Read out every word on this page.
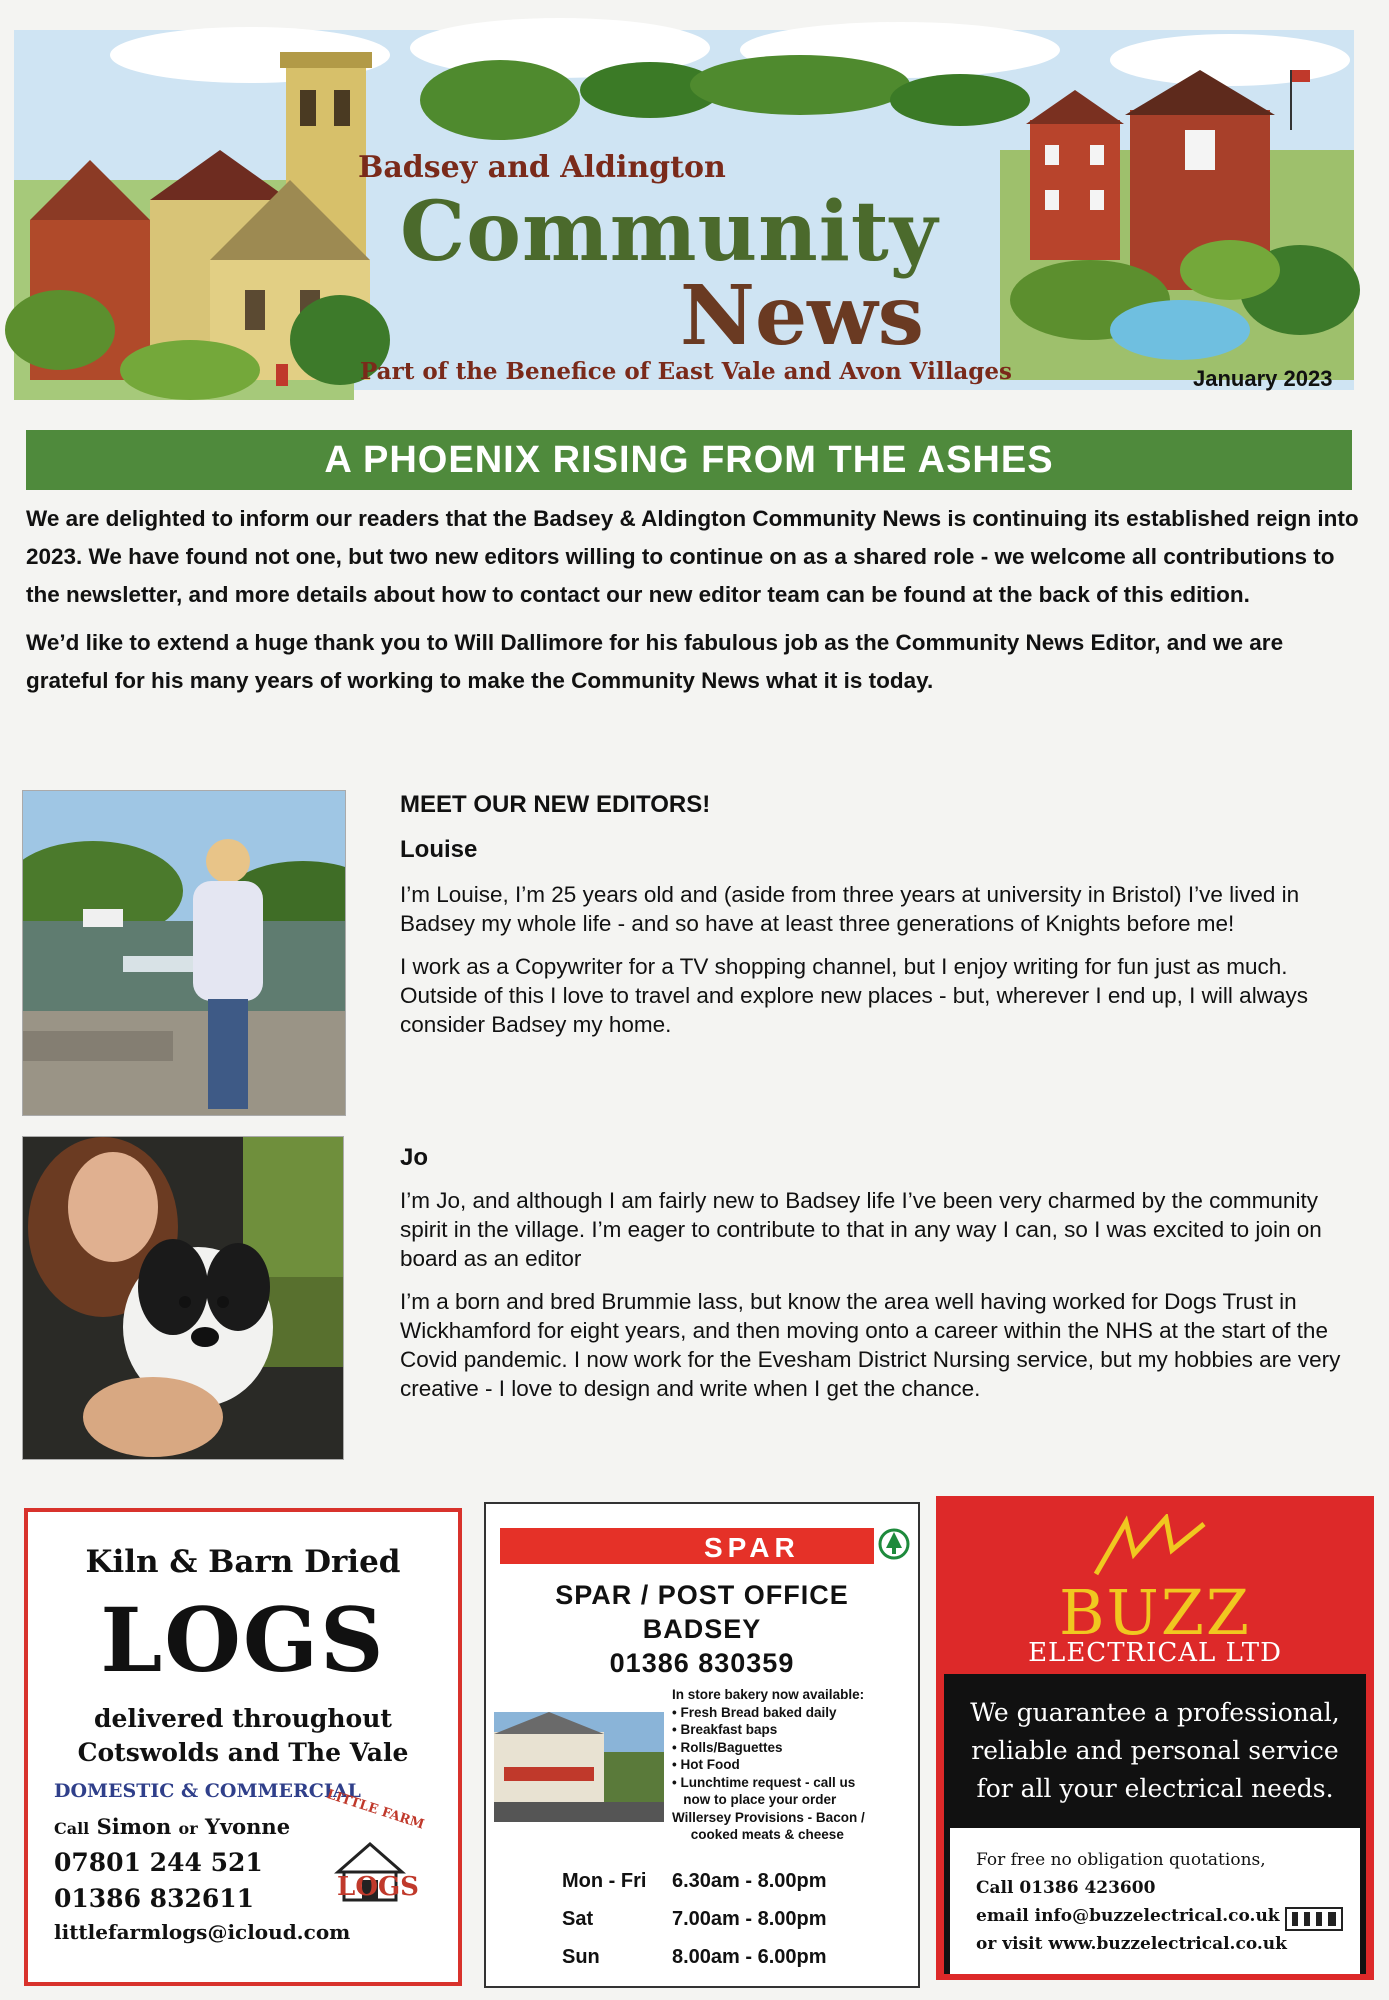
Badsey and Aldington
Community
News
Part of the Benefice of East Vale and Avon Villages	January 2023
A PHOENIX RISING FROM THE ASHES

We are delighted to inform our readers that the Badsey & Aldington Community News is continuing its established reign into 2023. We have found not one, but two new editors willing to continue on as a shared role - we welcome all contributions to the newsletter, and more details about how to contact our new editor team can be found at the back of this edition.

We’d like to extend a huge thank you to Will Dallimore for his fabulous job as the Community News Editor, and we are grateful for his many years of working to make the Community News what it is today.

MEET OUR NEW EDITORS!
Louise

I’m Louise, I’m 25 years old and (aside from three years at university in Bristol) I’ve lived in Badsey my whole life - and so have at least three generations of Knights before me!

I work as a Copywriter for a TV shopping channel, but I enjoy writing for fun just as much. Outside of this I love to travel and explore new places - but, wherever I end up, I will always consider Badsey my home.

Jo

I’m Jo, and although I am fairly new to Badsey life I’ve been very charmed by the community spirit in the village. I’m eager to contribute to that in any way I can, so I was excited to join on board as an editor

I’m a born and bred Brummie lass, but know the area well having worked for Dogs Trust in Wickhamford for eight years, and then moving onto a career within the NHS at the start of the Covid pandemic. I now work for the Evesham District Nursing service, but my hobbies are very creative - I love to design and write when I get the chance.

Kiln & Barn Dried
LOGS
delivered throughout
Cotswolds and The Vale
DOMESTIC & COMMERCIAL
Call Simon or Yvonne
07801 244 521
01386 832611
littlefarmlogs@icloud.com
LITTLE FARM
LOGS
SPAR
SPAR / POST OFFICE
BADSEY
01386 830359
In store bakery now available:
• Fresh Bread baked daily
• Breakfast baps
• Rolls/Baguettes
• Hot Food
• Lunchtime request - call us
now to place your order
Willersey Provisions - Bacon /
cooked meats & cheese
Mon - Fri	6.30am - 8.00pm
Sat	7.00am - 8.00pm
Sun	8.00am - 6.00pm
BUZZ
ELECTRICAL LTD
We guarantee a professional,
reliable and personal service
for all your electrical needs.
For free no obligation quotations,
Call 01386 423600
email info@buzzelectrical.co.uk
or visit www.buzzelectrical.co.uk
